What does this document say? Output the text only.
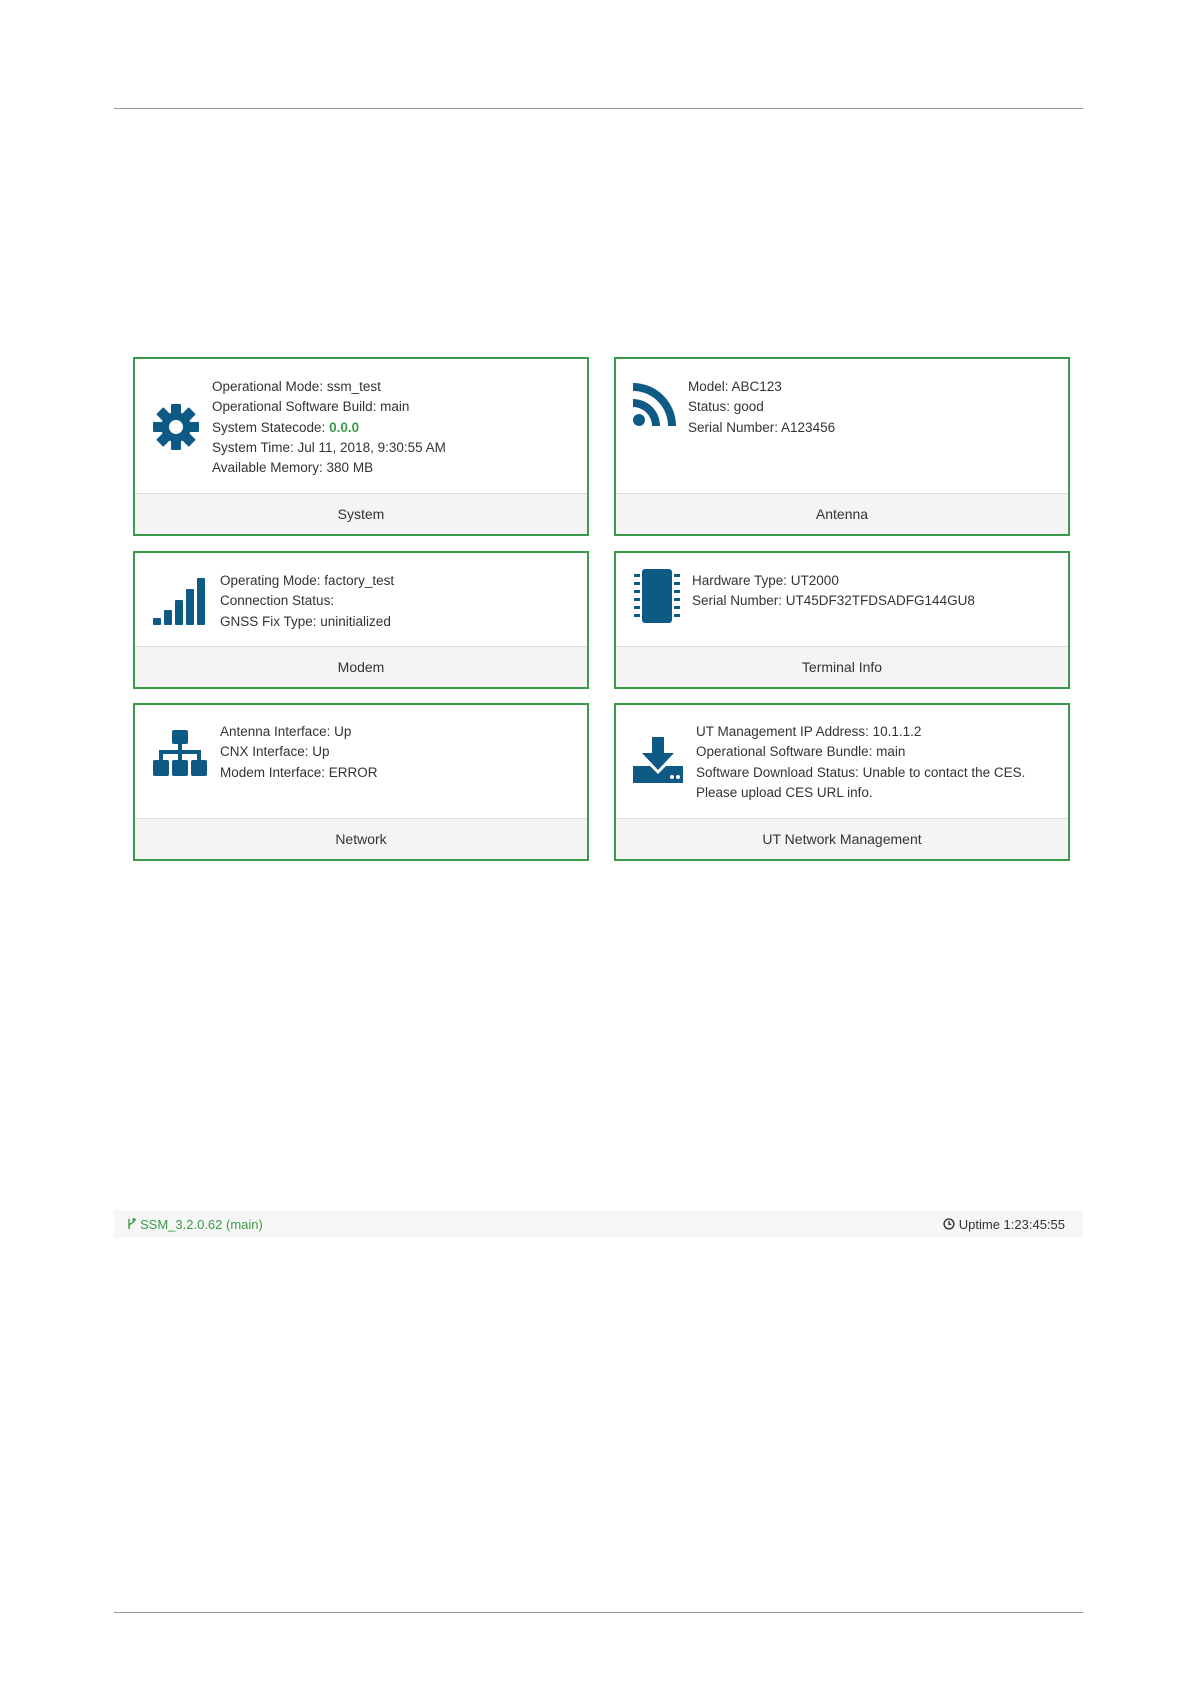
Operational Mode: ssm_test
Operational Software Build: main
System Statecode: 0.0.0
System Time: Jul 11, 2018, 9:30:55 AM
Available Memory: 380 MB
System
Model: ABC123
Status: good
Serial Number: A123456
Antenna
Operating Mode: factory_test
Connection Status:
GNSS Fix Type: uninitialized
Modem
Hardware Type: UT2000
Serial Number: UT45DF32TFDSADFG144GU8
Terminal Info
Antenna Interface: Up
CNX Interface: Up
Modem Interface: ERROR
Network
UT Management IP Address: 10.1.1.2
Operational Software Bundle: main
Software Download Status: Unable to contact the CES.
Please upload CES URL info.
UT Network Management
SSM_3.2.0.62 (main)	Uptime 1:23:45:55
